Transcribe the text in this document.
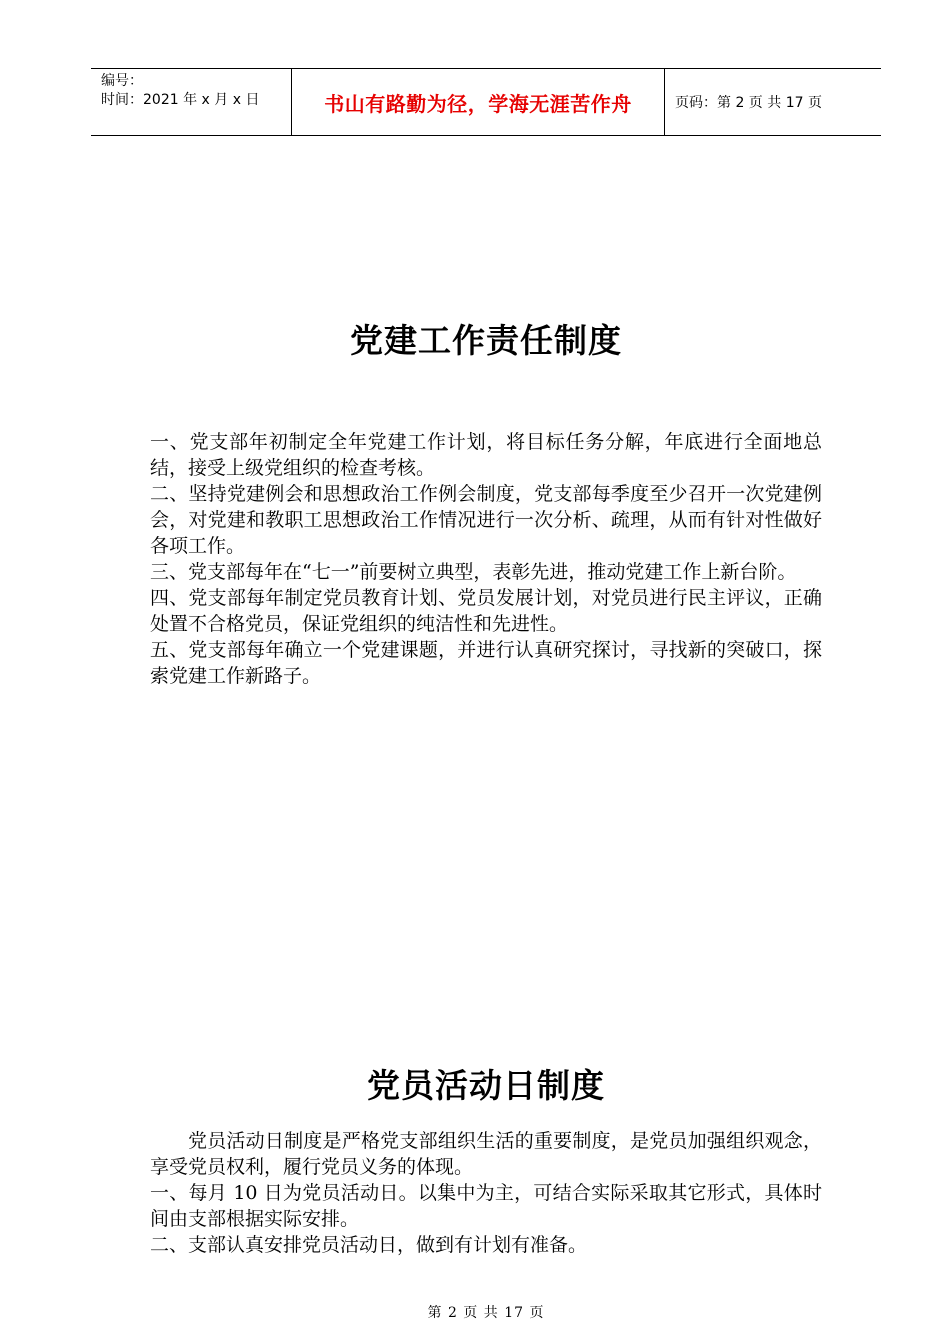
编号：
时间：2021 年 x 月 x 日	书山有路勤为径，学海无涯苦作舟	页码：第 2 页 共 17 页
党建工作责任制度

一、党支部年初制定全年党建工作计划，将目标任务分解，年底进行全面地总结，接受上级党组织的检查考核。

二、坚持党建例会和思想政治工作例会制度，党支部每季度至少召开一次党建例会，对党建和教职工思想政治工作情况进行一次分析、疏理，从而有针对性做好各项工作。

三、党支部每年在“七一”前要树立典型，表彰先进，推动党建工作上新台阶。

四、党支部每年制定党员教育计划、党员发展计划，对党员进行民主评议，正确处置不合格党员，保证党组织的纯洁性和先进性。

五、党支部每年确立一个党建课题，并进行认真研究探讨，寻找新的突破口，探索党建工作新路子。

党员活动日制度

党员活动日制度是严格党支部组织生活的重要制度，是党员加强组织观念，享受党员权利，履行党员义务的体现。

一、每月 10 日为党员活动日。以集中为主，可结合实际采取其它形式，具体时间由支部根据实际安排。

二、支部认真安排党员活动日，做到有计划有准备。

第 2 页 共 17 页
